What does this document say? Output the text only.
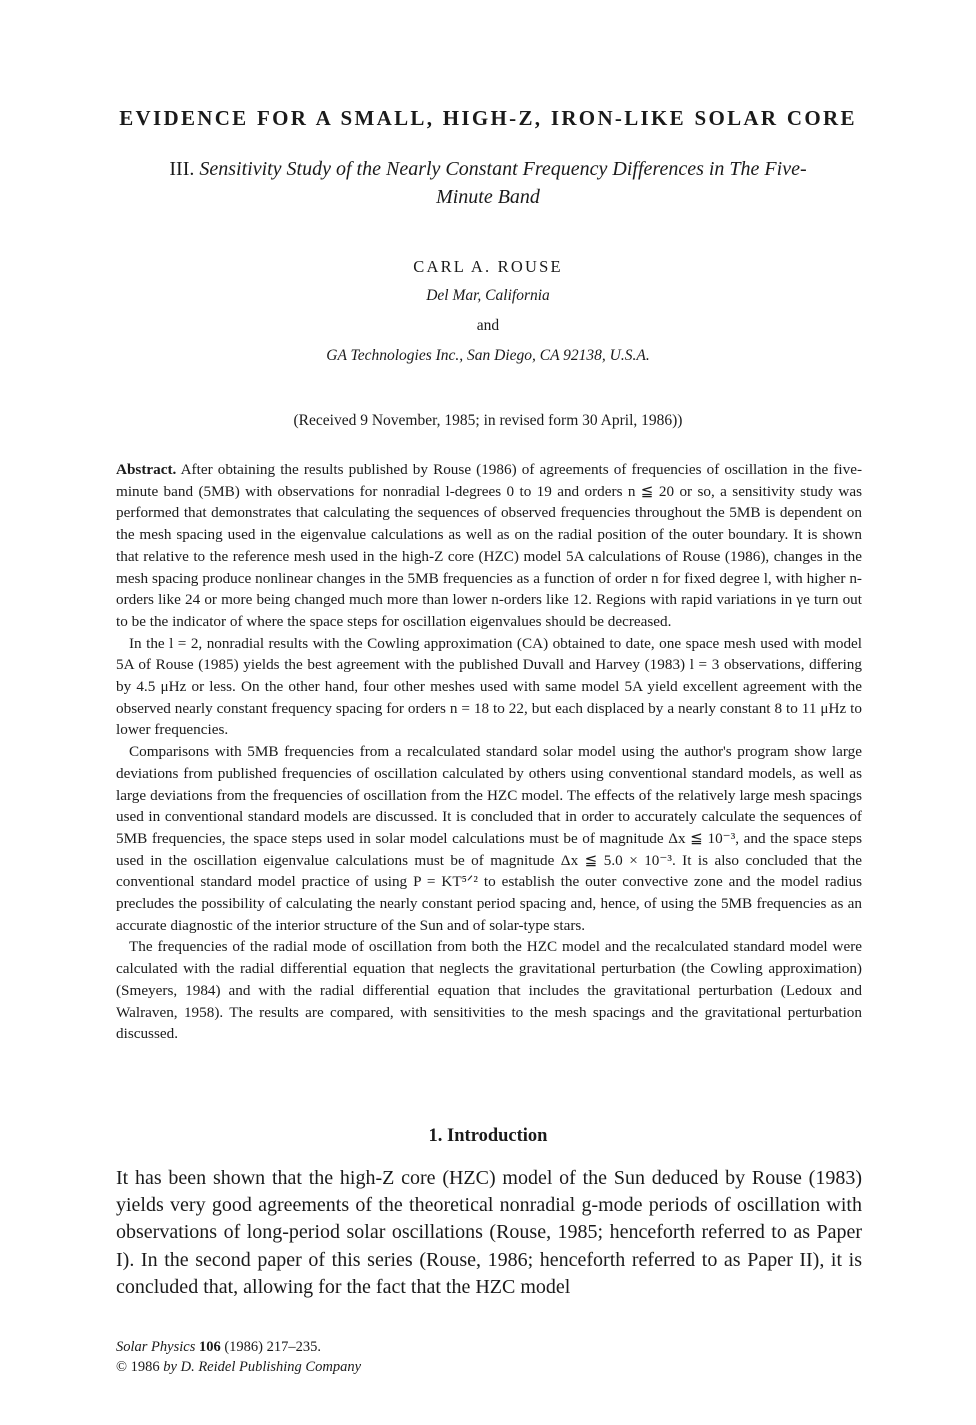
EVIDENCE FOR A SMALL, HIGH-Z, IRON-LIKE SOLAR CORE
III. Sensitivity Study of the Nearly Constant Frequency Differences in The Five-Minute Band
CARL A. ROUSE
Del Mar, California
and
GA Technologies Inc., San Diego, CA 92138, U.S.A.
(Received 9 November, 1985; in revised form 30 April, 1986))

Abstract. After obtaining the results published by Rouse (1986) of agreements of frequencies of oscillation in the five-minute band (5MB) with observations for nonradial l-degrees 0 to 19 and orders n ≦ 20 or so, a sensitivity study was performed that demonstrates that calculating the sequences of observed frequencies throughout the 5MB is dependent on the mesh spacing used in the eigenvalue calculations as well as on the radial position of the outer boundary. It is shown that relative to the reference mesh used in the high-Z core (HZC) model 5A calculations of Rouse (1986), changes in the mesh spacing produce nonlinear changes in the 5MB frequencies as a function of order n for fixed degree l, with higher n-orders like 24 or more being changed much more than lower n-orders like 12. Regions with rapid variations in γe turn out to be the indicator of where the space steps for oscillation eigenvalues should be decreased.

In the l = 2, nonradial results with the Cowling approximation (CA) obtained to date, one space mesh used with model 5A of Rouse (1985) yields the best agreement with the published Duvall and Harvey (1983) l = 3 observations, differing by 4.5 μHz or less. On the other hand, four other meshes used with same model 5A yield excellent agreement with the observed nearly constant frequency spacing for orders n = 18 to 22, but each displaced by a nearly constant 8 to 11 μHz to lower frequencies.

Comparisons with 5MB frequencies from a recalculated standard solar model using the author's program show large deviations from published frequencies of oscillation calculated by others using conventional standard models, as well as large deviations from the frequencies of oscillation from the HZC model. The effects of the relatively large mesh spacings used in conventional standard models are discussed. It is concluded that in order to accurately calculate the sequences of 5MB frequencies, the space steps used in solar model calculations must be of magnitude Δx ≦ 10⁻³, and the space steps used in the oscillation eigenvalue calculations must be of magnitude Δx ≦ 5.0 × 10⁻³. It is also concluded that the conventional standard model practice of using P = KT⁵ᐟ² to establish the outer convective zone and the model radius precludes the possibility of calculating the nearly constant period spacing and, hence, of using the 5MB frequencies as an accurate diagnostic of the interior structure of the Sun and of solar-type stars.

The frequencies of the radial mode of oscillation from both the HZC model and the recalculated standard model were calculated with the radial differential equation that neglects the gravitational perturbation (the Cowling approximation) (Smeyers, 1984) and with the radial differential equation that includes the gravitational perturbation (Ledoux and Walraven, 1958). The results are compared, with sensitivities to the mesh spacings and the gravitational perturbation discussed.

1. Introduction

It has been shown that the high-Z core (HZC) model of the Sun deduced by Rouse (1983) yields very good agreements of the theoretical nonradial g-mode periods of oscillation with observations of long-period solar oscillations (Rouse, 1985; henceforth referred to as Paper I). In the second paper of this series (Rouse, 1986; henceforth referred to as Paper II), it is concluded that, allowing for the fact that the HZC model

Solar Physics 106 (1986) 217–235.
© 1986 by D. Reidel Publishing Company
